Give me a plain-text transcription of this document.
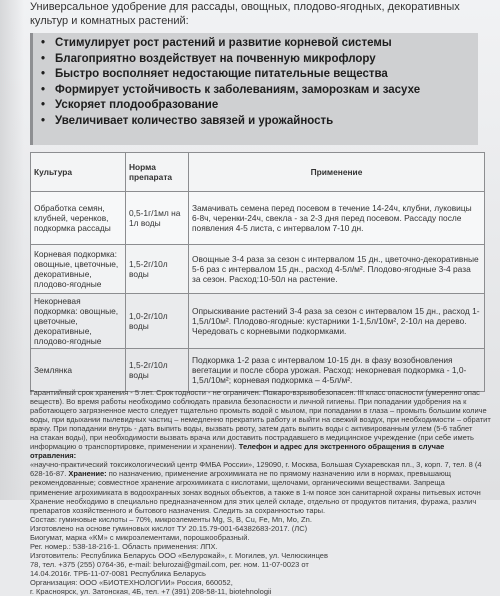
Универсальное удобрение для рассады, овощных, плодово-ягодных, декоративных
культур и комнатных растений:
• Стимулирует рост растений и развитие корневой системы
• Благоприятно воздействует на почвенную микрофлору
• Быстро восполняет недостающие питательные вещества
• Формирует устойчивость к заболеваниям, заморозкам и засухе
• Ускоряет плодообразование
• Увеличивает количество завязей и урожайность
Культура	Норма препарата	Применение
Обработка семян, клубней, черенков, подкормка рассады	0,5-1г/1мл на 1л воды	Замачивать семена перед посевом в течение 14-24ч, клубни, луковицы 6-8ч, черенки-24ч, свекла - за 2-3 дня перед посевом. Рассаду после появления 4-5 листа, с интервалом 7-10 дн.
Корневая подкормка: овощные, цветочные, декоративные, плодово-ягодные	1,5-2г/10л воды	Овощные 3-4 раза за сезон с интервалом 15 дн., цветочно-декоративные 5-6 раз с интервалом 15 дн., расход 4-5л/м². Плодово-ягодные 3-4 раза за сезон. Расход:10-50л на растение.
Некорневая подкормка: овощные, цветочные, декоративные, плодово-ягодные	1,0-2г/10л воды	Опрыскивание растений 3-4 раза за сезон с интервалом 15 дн., расход 1-1,5л/10м². Плодово-ягодные: кустарники 1-1,5л/10м², 2-10л на дерево. Чередовать с корневыми подкормками.
Землянка	1,5-2г/10л воды	Подкормка 1-2 раза с интервалом 10-15 дн. в фазу возобновления вегетации и после сбора урожая. Расход: некорневая подкормка - 1,0-1,5л/10м²; корневая подкормка – 4-5л/м².

Гарантийный срок хранения - 5 лет. Срок годности - не ограничен. Пожаро-взрывобезопасен. III класс опасности (умеренно опас

веществ). Во время работы необходимо соблюдать правила безопасности и личной гигиены. При попадании удобрения на к

работающего загрязненное место следует тщательно промыть водой с мылом, при попадании в глаза – промыть большим количе

воды, при вдыхании пылевидных частиц – немедленно прекратить работу и выйти на свежий воздух, при необходимости – обратит

врачу. При попадании внутрь - дать выпить воды, вызвать рвоту, затем дать выпить воды с активированным углем (5-6 таблет

на стакан воды), при необходимости вызвать врача или доставить пострадавшего в медицинское учреждение (при себе иметь

информацию о транспортировке, применении и хранении). Телефон и адрес для экстренного обращения в случае отравления:

«научно-практический токсикологический центр ФМБА России», 129090, г. Москва, Большая Сухаревская пл., 3, корп. 7, тел. 8 (4

628-16-87. Хранение: по назначению, применение агрохимиката не по прямому назначению или в нормах, превышающ

рекомендованные; совместное хранение агрохимиката с кислотами, щелочами, органическими веществами. Запреща

применение агрохимиката в водоохранных зонах водных объектов, а также в 1-м поясе зон санитарной охраны питьевых источн

Хранение необходимо в специально предназначенном для этих целей складе, отдельно от продуктов питания, фуража, различ

препаратов хозяйственного и бытового назначения. Следить за сохранностью тары.

Состав: гуминовые кислоты – 70%, микроэлементы Mg, S, B, Cu, Fe, Mn, Mo, Zn.

Изготовлено на основе гуминовых кислот ТУ 20.15.79-001-64382683-2017. (ЛС)

Биогумат, марка «КМ» с микроэлементами, порошкообразный.

Рег. номер.: 538-18-216-1. Область применения: ЛПХ.

Изготовитель: Республика Беларусь ООО «Белурожай», г. Могилев, ул. Челюскинцев

78, тел. +375 (255) 0764-36, e-mail: belurozai@gmail.com, рег. ном. 11-07-0023 от

14.04.2016г. ТРБ-11-07-0081 Республика Беларусь

Организация: ООО «БИОТЕХНОЛОГИИ» Россия, 660052,

г. Красноярск, ул. Затонская, 4Б, тел. +7 (391) 208-58-11, biotehnologii
